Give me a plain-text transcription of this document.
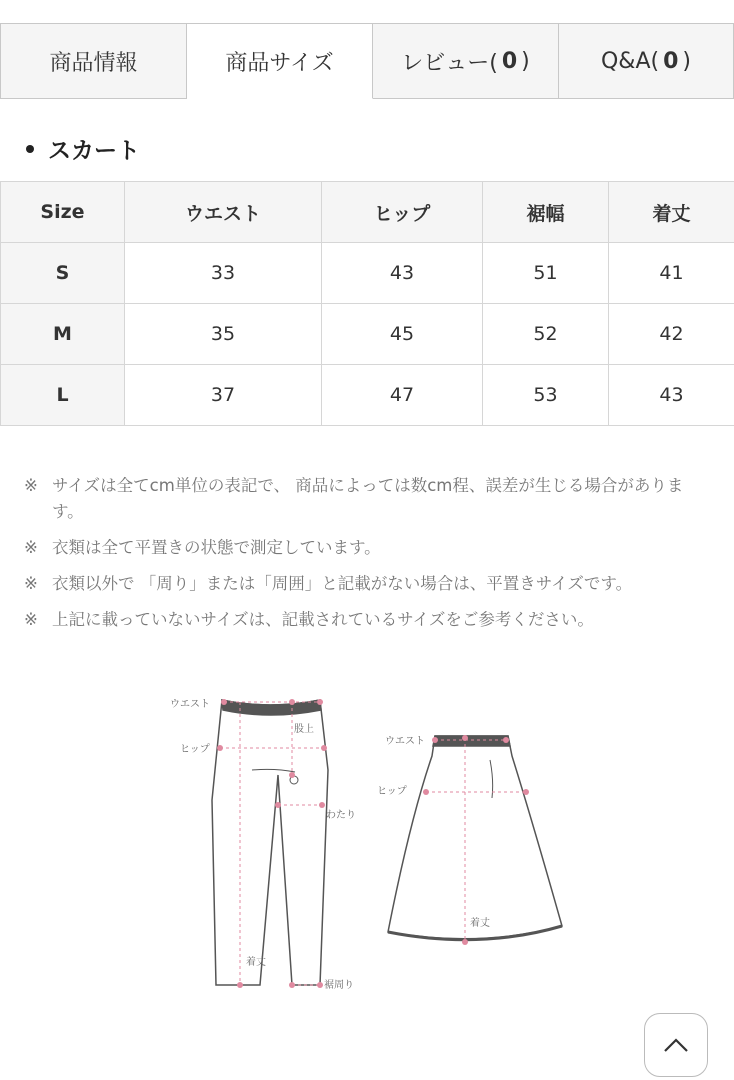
商品情報	商品サイズ	レビュー( 0 )	Q&A( 0 )
スカート
Size	ウエスト	ヒップ	裾幅	着丈
S	33	43	51	41
M	35	45	52	42
L	37	47	53	43
※ サイズは全てcm単位の表記で、 商品によっては数cm程、誤差が生じる場合があります。
※ 衣類は全て平置きの状態で測定しています。
※ 衣類以外で 「周り」または「周囲」と記載がない場合は、平置きサイズです。
※ 上記に載っていないサイズは、記載されているサイズをご参考ください。
ウエスト
股上
ヒップ
わたり
着丈
裾周り
ウエスト
ヒップ
着丈
